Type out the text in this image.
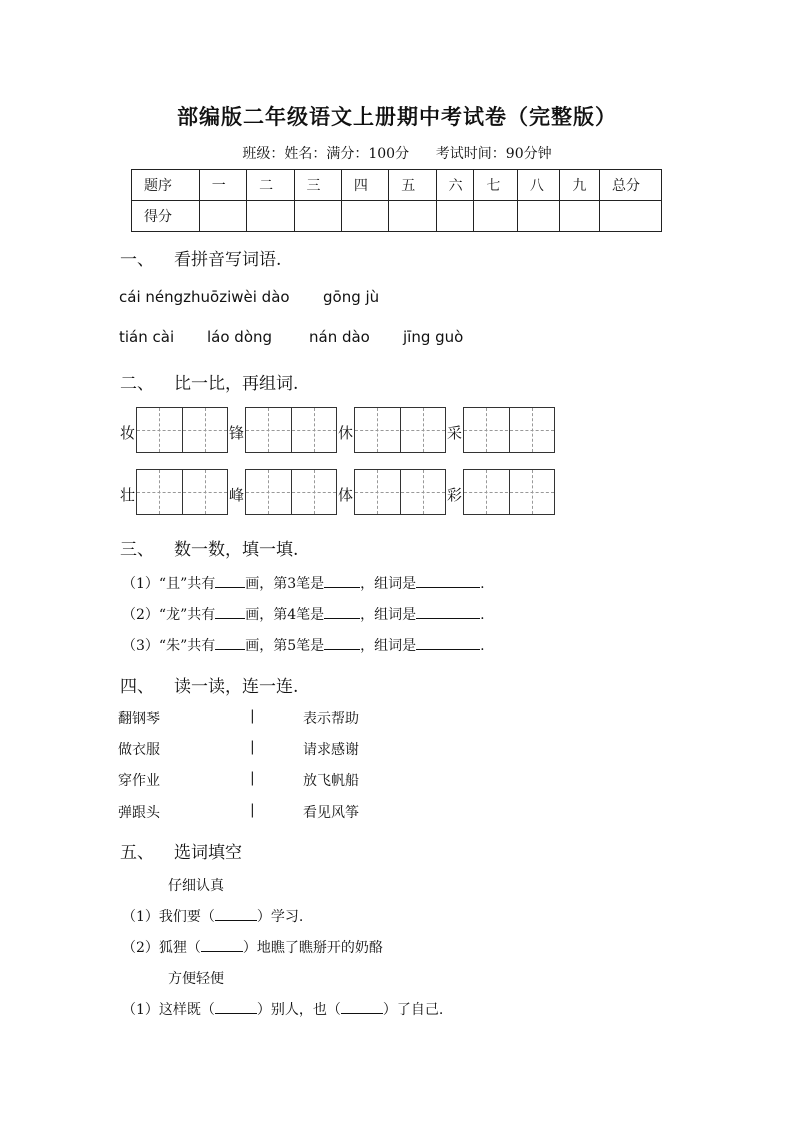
部编版二年级语文上册期中考试卷（完整版）
班级：姓名：满分：100分 考试时间：90分钟
题序	一	二	三	四	五	六	七	八	九	总分
得分										
一、 看拼音写词语.
cái néngzhuōziwèi dào gōng jù
tián cài láo dòng nán dào jīng guò
二、 比一比，再组词.
妆	锋	休	采
壮	峰	体	彩
三、 数一数，填一填.
（1）“且”共有 画，第3笔是	，组词是	.
（2）“龙”共有 画，第4笔是	，组词是	.
（3）“朱”共有 画，第5笔是	，组词是	.
四、 读一读，连一连.
翻钢琴	|	表示帮助
做衣服	|	请求感谢
穿作业	|	放飞帆船
弹跟头	|	看见风筝
五、 选词填空
仔细认真
（1）我们要（	）学习.
（2）狐狸（	）地瞧了瞧掰开的奶酪
方便轻便
（1）这样既（	）别人，也（	）了自己.
